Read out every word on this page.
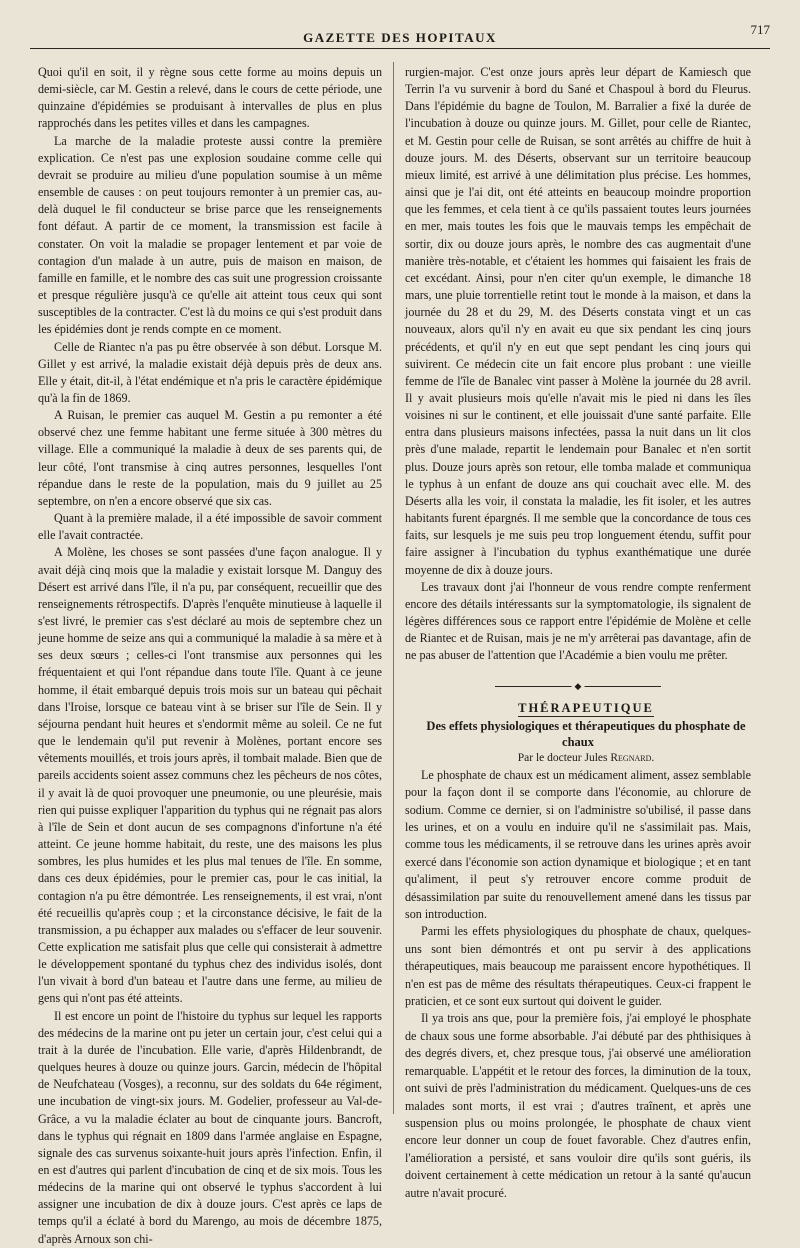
GAZETTE DES HOPITAUX
717

Quoi qu'il en soit, il y règne sous cette forme au moins depuis un demi-siècle, car M. Gestin a relevé, dans le cours de cette période, une quinzaine d'épidémies se produisant à intervalles de plus en plus rapprochés dans les petites villes et dans les campagnes.

La marche de la maladie proteste aussi contre la première explication. Ce n'est pas une explosion soudaine comme celle qui devrait se produire au milieu d'une population soumise à un même ensemble de causes : on peut toujours remonter à un premier cas, au-delà duquel le fil conducteur se brise parce que les renseignements font défaut. A partir de ce moment, la transmission est facile à constater. On voit la maladie se propager lentement et par voie de contagion d'un malade à un autre, puis de maison en maison, de famille en famille, et le nombre des cas suit une progression croissante et presque régulière jusqu'à ce qu'elle ait atteint tous ceux qui sont susceptibles de la contracter. C'est là du moins ce qui s'est produit dans les épidémies dont je rends compte en ce moment.

Celle de Riantec n'a pas pu être observée à son début. Lorsque M. Gillet y est arrivé, la maladie existait déjà depuis près de deux ans. Elle y était, dit-il, à l'état endémique et n'a pris le caractère épidémique qu'à la fin de 1869.

A Ruisan, le premier cas auquel M. Gestin a pu remonter a été observé chez une femme habitant une ferme située à 300 mètres du village. Elle a communiqué la maladie à deux de ses parents qui, de leur côté, l'ont transmise à cinq autres personnes, lesquelles l'ont répandue dans le reste de la population, mais du 9 juillet au 25 septembre, on n'en a encore observé que six cas.

Quant à la première malade, il a été impossible de savoir comment elle l'avait contractée.

A Molène, les choses se sont passées d'une façon analogue. Il y avait déjà cinq mois que la maladie y existait lorsque M. Danguy des Désert est arrivé dans l'île, il n'a pu, par conséquent, recueillir que des renseignements rétrospectifs. D'après l'enquête minutieuse à laquelle il s'est livré, le premier cas s'est déclaré au mois de septembre chez un jeune homme de seize ans qui a communiqué la maladie à sa mère et à ses deux sœurs ; celles-ci l'ont transmise aux personnes qui les fréquentaient et qui l'ont répandue dans toute l'île. Quant à ce jeune homme, il était embarqué depuis trois mois sur un bateau qui pêchait dans l'Iroise, lorsque ce bateau vint à se briser sur l'île de Sein. Il y séjourna pendant huit heures et s'endormit même au soleil. Ce ne fut que le lendemain qu'il put revenir à Molènes, portant encore ses vêtements mouillés, et trois jours après, il tombait malade. Bien que de pareils accidents soient assez communs chez les pêcheurs de nos côtes, il y avait là de quoi provoquer une pneumonie, ou une pleurésie, mais rien qui puisse expliquer l'apparition du typhus qui ne régnait pas alors à l'île de Sein et dont aucun de ses compagnons d'infortune n'a été atteint. Ce jeune homme habitait, du reste, une des maisons les plus sombres, les plus humides et les plus mal tenues de l'île. En somme, dans ces deux épidémies, pour le premier cas, pour le cas initial, la contagion n'a pu être démontrée. Les renseignements, il est vrai, n'ont été recueillis qu'après coup ; et la circonstance décisive, le fait de la transmission, a pu échapper aux malades ou s'effacer de leur souvenir. Cette explication me satisfait plus que celle qui consisterait à admettre le développement spontané du typhus chez des individus isolés, dont l'un vivait à bord d'un bateau et l'autre dans une ferme, au milieu de gens qui n'ont pas été atteints.

Il est encore un point de l'histoire du typhus sur lequel les rapports des médecins de la marine ont pu jeter un certain jour, c'est celui qui a trait à la durée de l'incubation. Elle varie, d'après Hildenbrandt, de quelques heures à douze ou quinze jours. Garcin, médecin de l'hôpital de Neufchateau (Vosges), a reconnu, sur des soldats du 64e régiment, une incubation de vingt-six jours. M. Godelier, professeur au Val-de-Grâce, a vu la maladie éclater au bout de cinquante jours. Bancroft, dans le typhus qui régnait en 1809 dans l'armée anglaise en Espagne, signale des cas survenus soixante-huit jours après l'infection. Enfin, il en est d'autres qui parlent d'incubation de cinq et de six mois. Tous les médecins de la marine qui ont observé le typhus s'accordent à lui assigner une incubation de dix à douze jours. C'est après ce laps de temps qu'il a éclaté à bord du Marengo, au mois de décembre 1875, d'après Arnoux son chi-

rurgien-major. C'est onze jours après leur départ de Kamiesch que Terrin l'a vu survenir à bord du Sané et Chaspoul à bord du Fleurus. Dans l'épidémie du bagne de Toulon, M. Barralier a fixé la durée de l'incubation à douze ou quinze jours. M. Gillet, pour celle de Riantec, et M. Gestin pour celle de Ruisan, se sont arrêtés au chiffre de huit à douze jours. M. des Déserts, observant sur un territoire beaucoup mieux limité, est arrivé à une délimitation plus précise. Les hommes, ainsi que je l'ai dit, ont été atteints en beaucoup moindre proportion que les femmes, et cela tient à ce qu'ils passaient toutes leurs journées en mer, mais toutes les fois que le mauvais temps les empêchait de sortir, dix ou douze jours après, le nombre des cas augmentait d'une manière très-notable, et c'étaient les hommes qui faisaient les frais de cet excédant. Ainsi, pour n'en citer qu'un exemple, le dimanche 18 mars, une pluie torrentielle retint tout le monde à la maison, et dans la journée du 28 et du 29, M. des Déserts constata vingt et un cas nouveaux, alors qu'il n'y en avait eu que six pendant les cinq jours précédents, et qu'il n'y en eut que sept pendant les cinq jours qui suivirent. Ce médecin cite un fait encore plus probant : une vieille femme de l'île de Banalec vint passer à Molène la journée du 28 avril. Il y avait plusieurs mois qu'elle n'avait mis le pied ni dans les îles voisines ni sur le continent, et elle jouissait d'une santé parfaite. Elle entra dans plusieurs maisons infectées, passa la nuit dans un lit clos près d'une malade, repartit le lendemain pour Banalec et n'en sortit plus. Douze jours après son retour, elle tomba malade et communiqua le typhus à un enfant de douze ans qui couchait avec elle. M. des Déserts alla les voir, il constata la maladie, les fit isoler, et les autres habitants furent épargnés. Il me semble que la concordance de tous ces faits, sur lesquels je me suis peu trop longuement étendu, suffit pour faire assigner à l'incubation du typhus exanthématique une durée moyenne de dix à douze jours.

Les travaux dont j'ai l'honneur de vous rendre compte renferment encore des détails intéressants sur la symptomatologie, ils signalent de légères différences sous ce rapport entre l'épidémie de Molène et celle de Riantec et de Ruisan, mais je ne m'y arrêterai pas davantage, afin de ne pas abuser de l'attention que l'Académie a bien voulu me prêter.

◆

THÉRAPEUTIQUE

Des effets physiologiques et thérapeutiques du phosphate de chaux

Par le docteur Jules Regnard.

Le phosphate de chaux est un médicament aliment, assez semblable pour la façon dont il se comporte dans l'économie, au chlorure de sodium. Comme ce dernier, si on l'administre so'ubilisé, il passe dans les urines, et on a voulu en induire qu'il ne s'assimilait pas. Mais, comme tous les médicaments, il se retrouve dans les urines après avoir exercé dans l'économie son action dynamique et biologique ; et en tant qu'aliment, il peut s'y retrouver encore comme produit de désassimilation par suite du renouvellement amené dans les tissus par son introduction.

Parmi les effets physiologiques du phosphate de chaux, quelques-uns sont bien démontrés et ont pu servir à des applications thérapeutiques, mais beaucoup me paraissent encore hypothétiques. Il n'en est pas de même des résultats thérapeutiques. Ceux-ci frappent le praticien, et ce sont eux surtout qui doivent le guider.

Il ya trois ans que, pour la première fois, j'ai employé le phosphate de chaux sous une forme absorbable. J'ai débuté par des phthisiques à des degrés divers, et, chez presque tous, j'ai observé une amélioration remarquable. L'appétit et le retour des forces, la diminution de la toux, ont suivi de près l'administration du médicament. Quelques-uns de ces malades sont morts, il est vrai ; d'autres traînent, et après une suspension plus ou moins prolongée, le phosphate de chaux vient encore leur donner un coup de fouet favorable. Chez d'autres enfin, l'amélioration a persisté, et sans vouloir dire qu'ils sont guéris, ils doivent certainement à cette médication un retour à la santé qu'aucun autre n'avait procuré.
